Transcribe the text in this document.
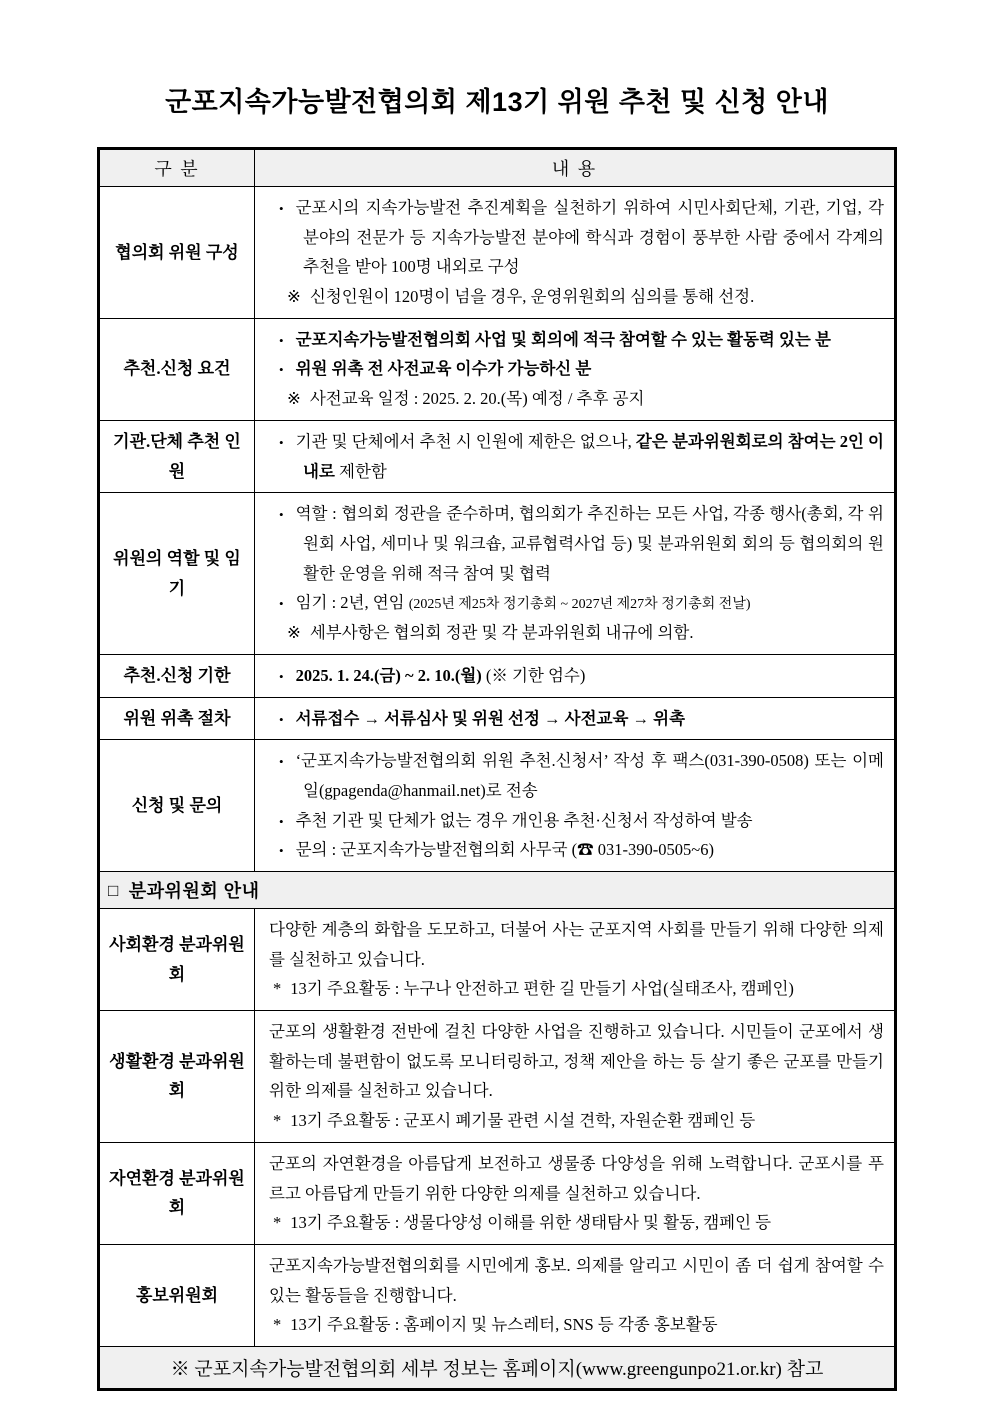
군포지속가능발전협의회 제13기 위원 추천 및 신청 안내
구 분	내 용
협의회 위원 구성	• 군포시의 지속가능발전 추진계획을 실천하기 위하여 시민사회단체, 기관, 기업, 각 분야의 전문가 등 지속가능발전 분야에 학식과 경험이 풍부한 사람 중에서 각계의 추천을 받아 100명 내외로 구성
※ 신청인원이 120명이 넘을 경우, 운영위원회의 심의를 통해 선정.

추천.신청 요건	• 군포지속가능발전협의회 사업 및 회의에 적극 참여할 수 있는 활동력 있는 분
• 위원 위촉 전 사전교육 이수가 가능하신 분
※ 사전교육 일정 : 2025. 2. 20.(목) 예정 / 추후 공지

기관.단체 추천 인원	• 기관 및 단체에서 추천 시 인원에 제한은 없으나, 같은 분과위원회로의 참여는 2인 이내로 제한함

위원의 역할 및 임기	• 역할 : 협의회 정관을 준수하며, 협의회가 추진하는 모든 사업, 각종 행사(총회, 각 위원회 사업, 세미나 및 워크숍, 교류협력사업 등) 및 분과위원회 회의 등 협의회의 원활한 운영을 위해 적극 참여 및 협력
• 임기 : 2년, 연임 (2025년 제25차 정기총회 ~ 2027년 제27차 정기총회 전날)
※ 세부사항은 협의회 정관 및 각 분과위원회 내규에 의함.

추천.신청 기한	• 2025. 1. 24.(금) ~ 2. 10.(월) (※ 기한 엄수)

위원 위촉 절차	• 서류접수 → 서류심사 및 위원 선정 → 사전교육 → 위촉

신청 및 문의	• ‘군포지속가능발전협의회 위원 추천.신청서’ 작성 후 팩스(031-390-0508) 또는 이메일(gpagenda@hanmail.net)로 전송
• 추천 기관 및 단체가 없는 경우 개인용 추천·신청서 작성하여 발송
• 문의 : 군포지속가능발전협의회 사무국 (☎ 031-390-0505~6)

□ 분과위원회 안내	
사회환경 분과위원회	다양한 계층의 화합을 도모하고, 더불어 사는 군포지역 사회를 만들기 위해 다양한 의제를 실천하고 있습니다.
* 13기 주요활동 : 누구나 안전하고 편한 길 만들기 사업(실태조사, 캠페인)

생활환경 분과위원회	군포의 생활환경 전반에 걸친 다양한 사업을 진행하고 있습니다. 시민들이 군포에서 생활하는데 불편함이 없도록 모니터링하고, 정책 제안을 하는 등 살기 좋은 군포를 만들기 위한 의제를 실천하고 있습니다.
* 13기 주요활동 : 군포시 폐기물 관련 시설 견학, 자원순환 캠페인 등

자연환경 분과위원회	군포의 자연환경을 아름답게 보전하고 생물종 다양성을 위해 노력합니다. 군포시를 푸르고 아름답게 만들기 위한 다양한 의제를 실천하고 있습니다.
* 13기 주요활동 : 생물다양성 이해를 위한 생태탐사 및 활동, 캠페인 등

홍보위원회	군포지속가능발전협의회를 시민에게 홍보. 의제를 알리고 시민이 좀 더 쉽게 참여할 수 있는 활동들을 진행합니다.
* 13기 주요활동 : 홈페이지 및 뉴스레터, SNS 등 각종 홍보활동

※ 군포지속가능발전협의회 세부 정보는 홈페이지(www.greengunpo21.or.kr) 참고	
